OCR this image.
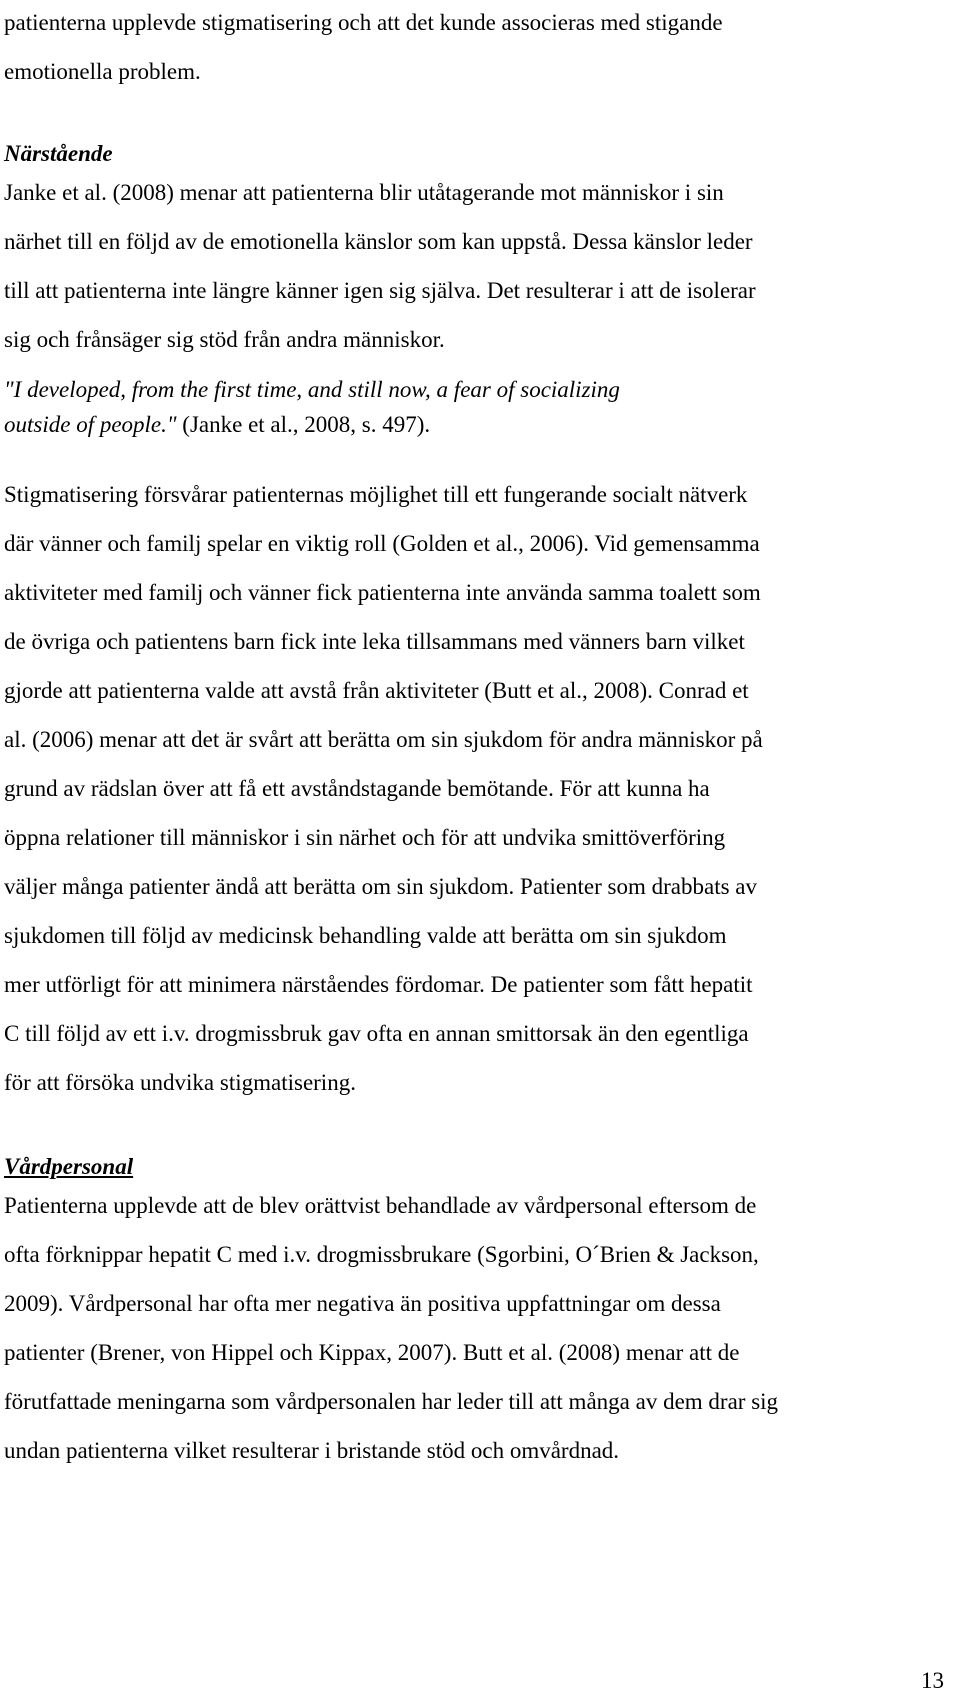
patienterna upplevde stigmatisering och att det kunde associeras med stigande
emotionella problem.

Närstående

Janke et al. (2008) menar att patienterna blir utåtagerande mot människor i sin
närhet till en följd av de emotionella känslor som kan uppstå. Dessa känslor leder
till att patienterna inte längre känner igen sig själva. Det resulterar i att de isolerar
sig och frånsäger sig stöd från andra människor.

"I developed, from the first time, and still now, a fear of socializing
outside of people." (Janke et al., 2008, s. 497).

Stigmatisering försvårar patienternas möjlighet till ett fungerande socialt nätverk
där vänner och familj spelar en viktig roll (Golden et al., 2006). Vid gemensamma
aktiviteter med familj och vänner fick patienterna inte använda samma toalett som
de övriga och patientens barn fick inte leka tillsammans med vänners barn vilket
gjorde att patienterna valde att avstå från aktiviteter (Butt et al., 2008). Conrad et
al. (2006) menar att det är svårt att berätta om sin sjukdom för andra människor på
grund av rädslan över att få ett avståndstagande bemötande. För att kunna ha
öppna relationer till människor i sin närhet och för att undvika smittöverföring
väljer många patienter ändå att berätta om sin sjukdom. Patienter som drabbats av
sjukdomen till följd av medicinsk behandling valde att berätta om sin sjukdom
mer utförligt för att minimera närståendes fördomar. De patienter som fått hepatit
C till följd av ett i.v. drogmissbruk gav ofta en annan smittorsak än den egentliga
för att försöka undvika stigmatisering.

Vårdpersonal

Patienterna upplevde att de blev orättvist behandlade av vårdpersonal eftersom de
ofta förknippar hepatit C med i.v. drogmissbrukare (Sgorbini, O´Brien & Jackson,
2009). Vårdpersonal har ofta mer negativa än positiva uppfattningar om dessa
patienter (Brener, von Hippel och Kippax, 2007). Butt et al. (2008) menar att de
förutfattade meningarna som vårdpersonalen har leder till att många av dem drar sig
undan patienterna vilket resulterar i bristande stöd och omvårdnad.

13
